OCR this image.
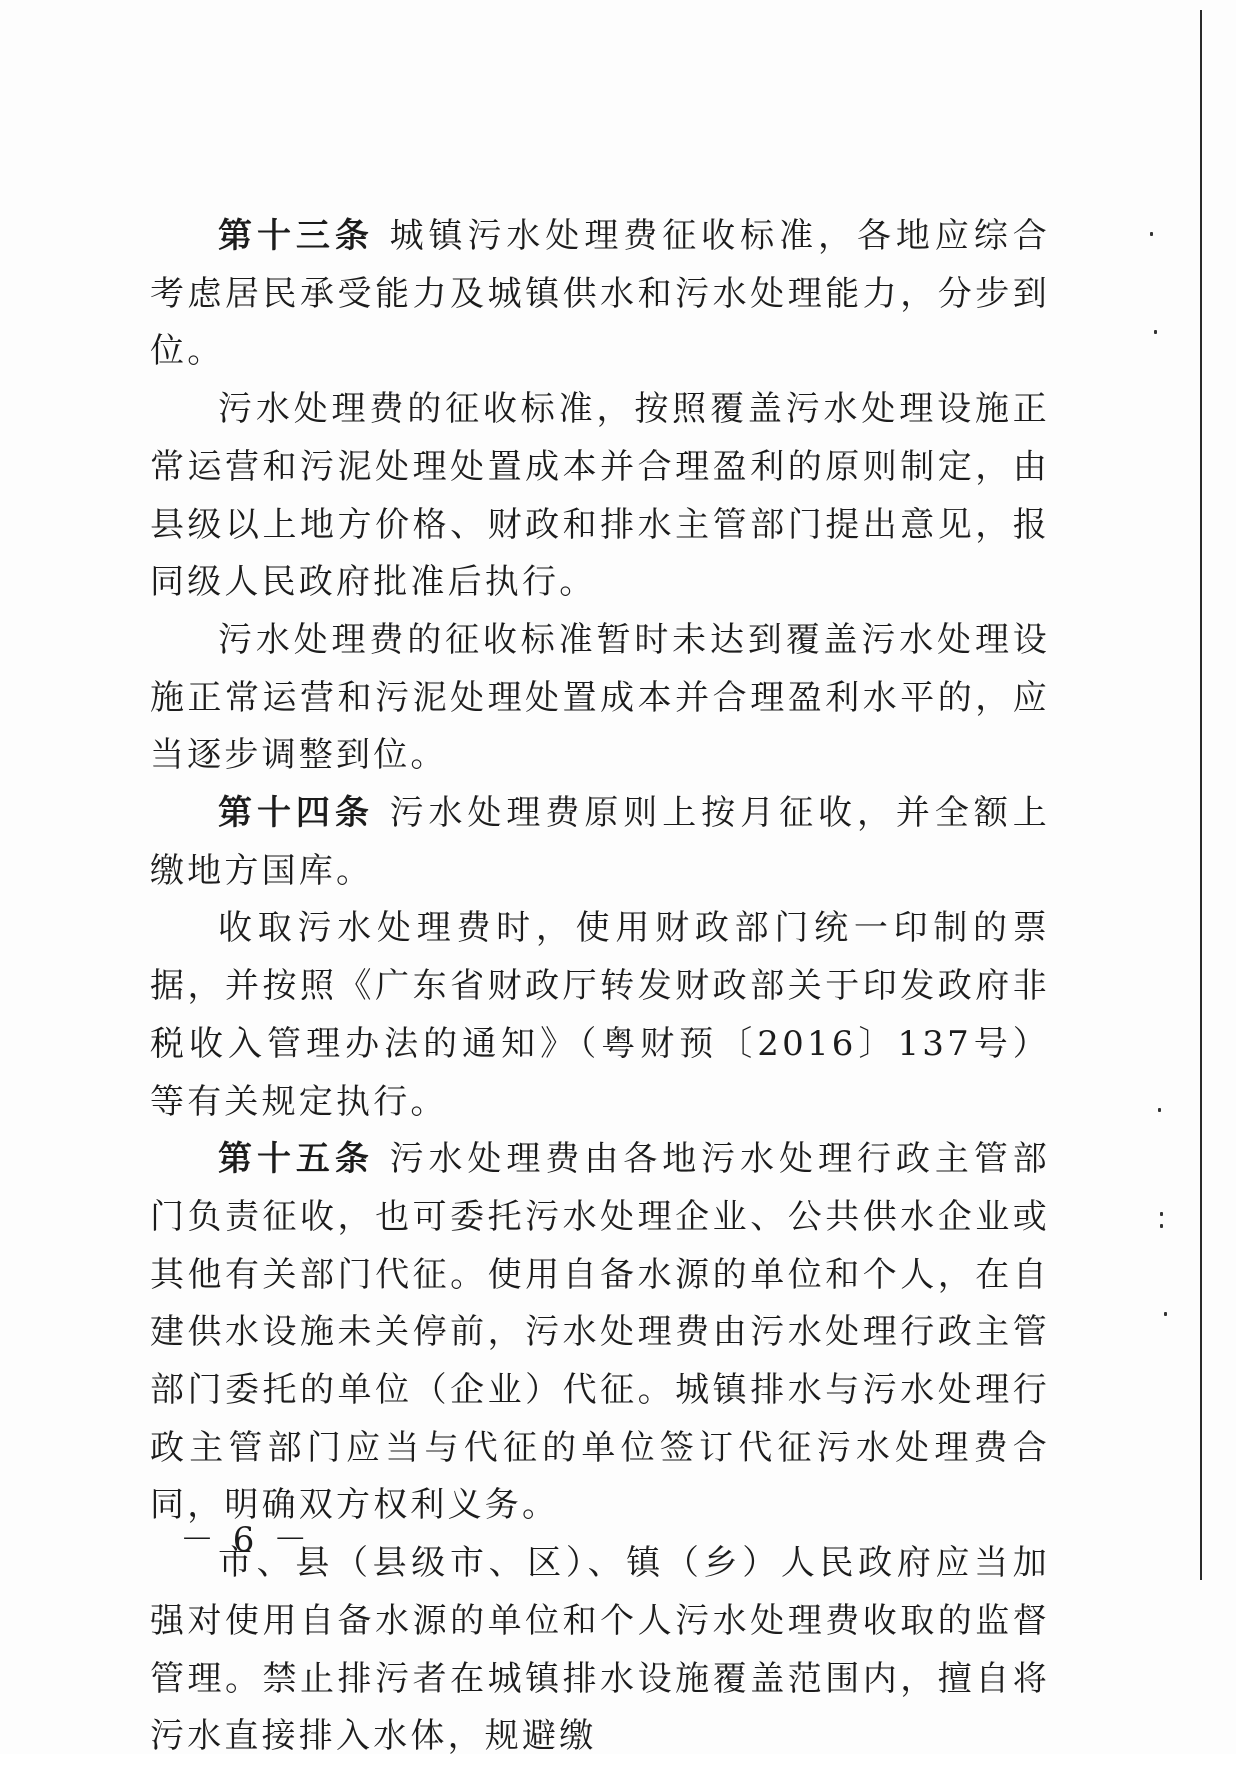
第十三条 城镇污水处理费征收标准，各地应综合考虑居民承受能力及城镇供水和污水处理能力，分步到位。

污水处理费的征收标准，按照覆盖污水处理设施正常运营和污泥处理处置成本并合理盈利的原则制定，由县级以上地方价格、财政和排水主管部门提出意见，报同级人民政府批准后执行。

污水处理费的征收标准暂时未达到覆盖污水处理设施正常运营和污泥处理处置成本并合理盈利水平的，应当逐步调整到位。

第十四条 污水处理费原则上按月征收，并全额上缴地方国库。

收取污水处理费时，使用财政部门统一印制的票据，并按照《广东省财政厅转发财政部关于印发政府非税收入管理办法的通知》（粤财预〔2016〕137号）等有关规定执行。

第十五条 污水处理费由各地污水处理行政主管部门负责征收，也可委托污水处理企业、公共供水企业或其他有关部门代征。使用自备水源的单位和个人，在自建供水设施未关停前，污水处理费由污水处理行政主管部门委托的单位（企业）代征。城镇排水与污水处理行政主管部门应当与代征的单位签订代征污水处理费合同，明确双方权利义务。

市、县（县级市、区）、镇（乡）人民政府应当加强对使用自备水源的单位和个人污水处理费收取的监督管理。禁止排污者在城镇排水设施覆盖范围内，擅自将污水直接排入水体，规避缴

－ 6 －
